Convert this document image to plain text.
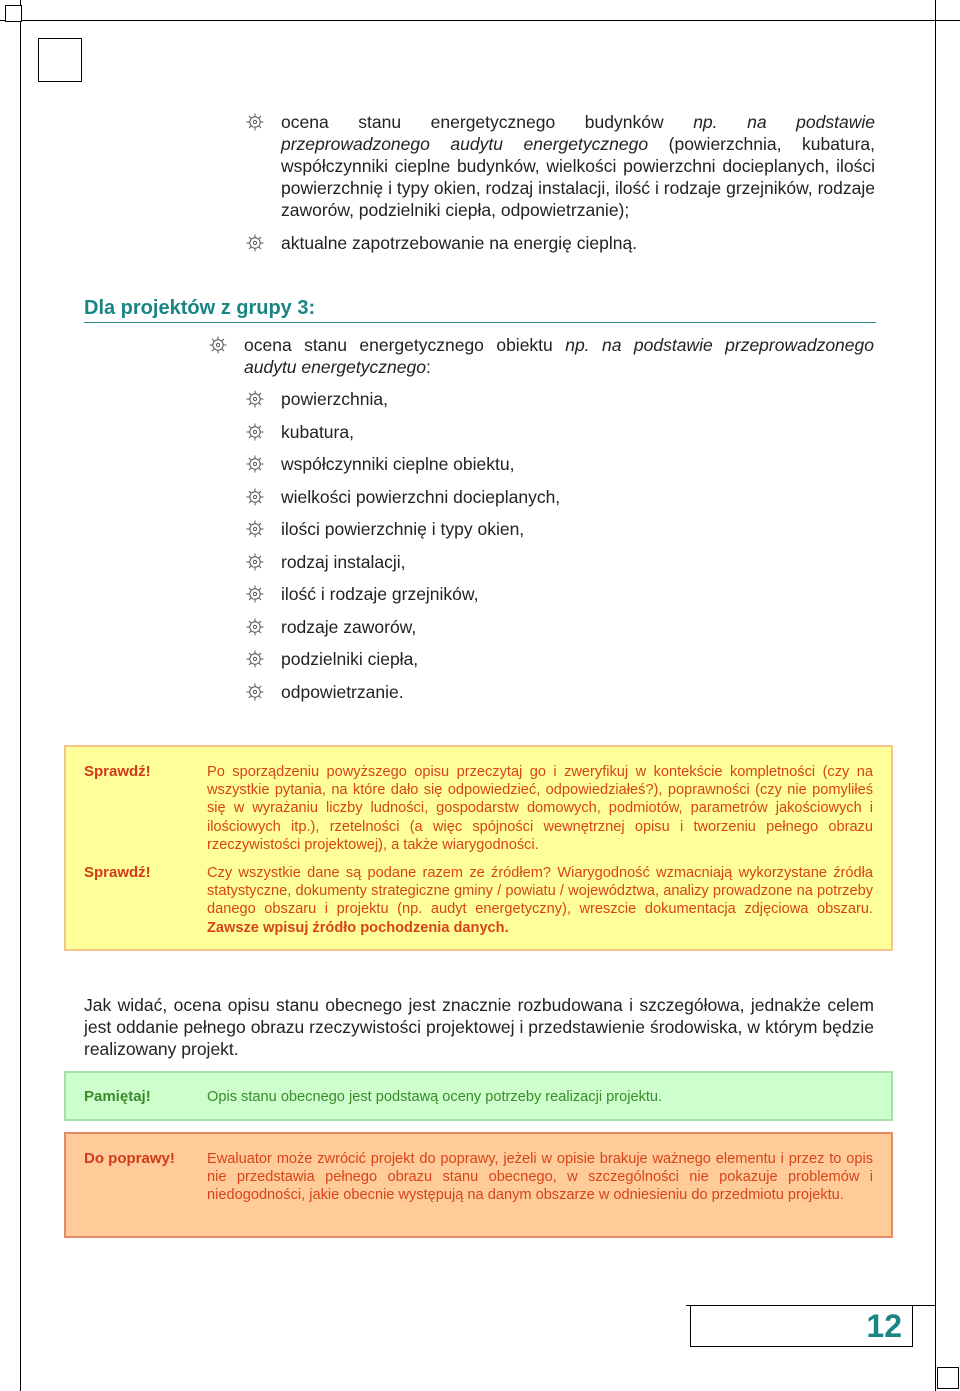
ocena stanu energetycznego budynków np. na podstawie przeprowadzonego audytu energetycznego (powierzchnia, kubatura, współczynniki cieplne budynków, wielkości powierzchni docieplanych, ilości powierzchnię i typy okien, rodzaj instalacji, ilość i rodzaje grzejników, rodzaje zaworów, podzielniki ciepła, odpowietrzanie);
aktualne zapotrzebowanie na energię cieplną.
Dla projektów z grupy 3:
ocena stanu energetycznego obiektu np. na podstawie przeprowadzonego audytu energetycznego:
powierzchnia,
kubatura,
współczynniki cieplne obiektu,
wielkości powierzchni docieplanych,
ilości powierzchnię i typy okien,
rodzaj instalacji,
ilość i rodzaje grzejników,
rodzaje zaworów,
podzielniki ciepła,
odpowietrzanie.
Sprawdź!	Po sporządzeniu powyższego opisu przeczytaj go i zweryfikuj w kontekście kompletności (czy na wszystkie pytania, na które dało się odpowiedzieć, odpowiedziałeś?), poprawności (czy nie pomyliłeś się w wyrażaniu liczby ludności, gospodarstw domowych, podmiotów, parametrów jakościowych i ilościowych itp.), rzetelności (a więc spójności wewnętrznej opisu i tworzeniu pełnego obrazu rzeczywistości projektowej), a także wiarygodności.
Sprawdź!	Czy wszystkie dane są podane razem ze źródłem? Wiarygodność wzmacniają wykorzystane źródła statystyczne, dokumenty strategiczne gminy / powiatu / województwa, analizy prowadzone na potrzeby danego obszaru i projektu (np. audyt energetyczny), wreszcie dokumentacja zdjęciowa obszaru. Zawsze wpisuj źródło pochodzenia danych.
Jak widać, ocena opisu stanu obecnego jest znacznie rozbudowana i szczegółowa, jednakże celem jest oddanie pełnego obrazu rzeczywistości projektowej i przedstawienie środowiska, w którym będzie realizowany projekt.
Pamiętaj!	Opis stanu obecnego jest podstawą oceny potrzeby realizacji projektu.
Do poprawy! Ewaluator może zwrócić projekt do poprawy, jeżeli w opisie brakuje ważnego elementu i przez to opis nie przedstawia pełnego obrazu stanu obecnego, w szczególności nie pokazuje problemów i niedogodności, jakie obecnie występują na danym obszarze w odniesieniu do przedmiotu projektu.
12
